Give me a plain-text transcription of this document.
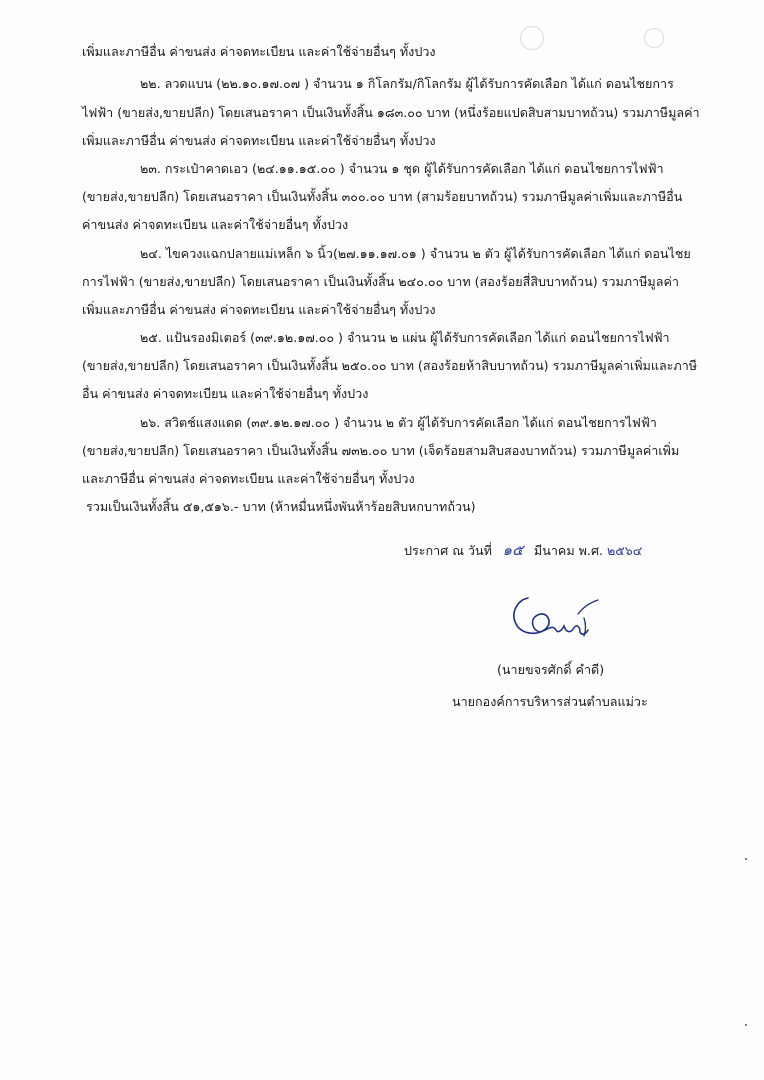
เพิ่มและภาษีอื่น ค่าขนส่ง ค่าจดทะเบียน และค่าใช้จ่ายอื่นๆ ทั้งปวง
๒๒. ลวดแบน (๒๒.๑๐.๑๗.๐๗ ) จำนวน ๑ กิโลกรัม/กิโลกรัม ผู้ได้รับการคัดเลือก ได้แก่ ดอนไชยการ
ไฟฟ้า (ขายส่ง,ขายปลีก) โดยเสนอราคา เป็นเงินทั้งสิ้น ๑๘๓.๐๐ บาท (หนึ่งร้อยแปดสิบสามบาทถ้วน) รวมภาษีมูลค่า
เพิ่มและภาษีอื่น ค่าขนส่ง ค่าจดทะเบียน และค่าใช้จ่ายอื่นๆ ทั้งปวง
๒๓. กระเป๋าคาดเอว (๒๔.๑๑.๑๕.๐๐ ) จำนวน ๑ ชุด ผู้ได้รับการคัดเลือก ได้แก่ ดอนไชยการไฟฟ้า
(ขายส่ง,ขายปลีก) โดยเสนอราคา เป็นเงินทั้งสิ้น ๓๐๐.๐๐ บาท (สามร้อยบาทถ้วน) รวมภาษีมูลค่าเพิ่มและภาษีอื่น
ค่าขนส่ง ค่าจดทะเบียน และค่าใช้จ่ายอื่นๆ ทั้งปวง
๒๔. ไขควงแฉกปลายแม่เหล็ก ๖ นิ้ว(๒๗.๑๑.๑๗.๐๑ ) จำนวน ๒ ตัว ผู้ได้รับการคัดเลือก ได้แก่ ดอนไชย
การไฟฟ้า (ขายส่ง,ขายปลีก) โดยเสนอราคา เป็นเงินทั้งสิ้น ๒๔๐.๐๐ บาท (สองร้อยสี่สิบบาทถ้วน) รวมภาษีมูลค่า
เพิ่มและภาษีอื่น ค่าขนส่ง ค่าจดทะเบียน และค่าใช้จ่ายอื่นๆ ทั้งปวง
๒๕. แป้นรองมิเตอร์ (๓๙.๑๒.๑๗.๐๐ ) จำนวน ๒ แผ่น ผู้ได้รับการคัดเลือก ได้แก่ ดอนไชยการไฟฟ้า
(ขายส่ง,ขายปลีก) โดยเสนอราคา เป็นเงินทั้งสิ้น ๒๕๐.๐๐ บาท (สองร้อยห้าสิบบาทถ้วน) รวมภาษีมูลค่าเพิ่มและภาษี
อื่น ค่าขนส่ง ค่าจดทะเบียน และค่าใช้จ่ายอื่นๆ ทั้งปวง
๒๖. สวิตช์แสงแดด (๓๙.๑๒.๑๗.๐๐ ) จำนวน ๒ ตัว ผู้ได้รับการคัดเลือก ได้แก่ ดอนไชยการไฟฟ้า
(ขายส่ง,ขายปลีก) โดยเสนอราคา เป็นเงินทั้งสิ้น ๗๓๒.๐๐ บาท (เจ็ดร้อยสามสิบสองบาทถ้วน) รวมภาษีมูลค่าเพิ่ม
และภาษีอื่น ค่าขนส่ง ค่าจดทะเบียน และค่าใช้จ่ายอื่นๆ ทั้งปวง
รวมเป็นเงินทั้งสิ้น ๕๑,๕๑๖.- บาท (ห้าหมื่นหนึ่งพันห้าร้อยสิบหกบาทถ้วน)
ประกาศ ณ วันที่ ๑๕ มีนาคม พ.ศ. ๒๕๖๔
(นายขจรศักดิ์ คำดี)
นายกองค์การบริหารส่วนตำบลแม่วะ
